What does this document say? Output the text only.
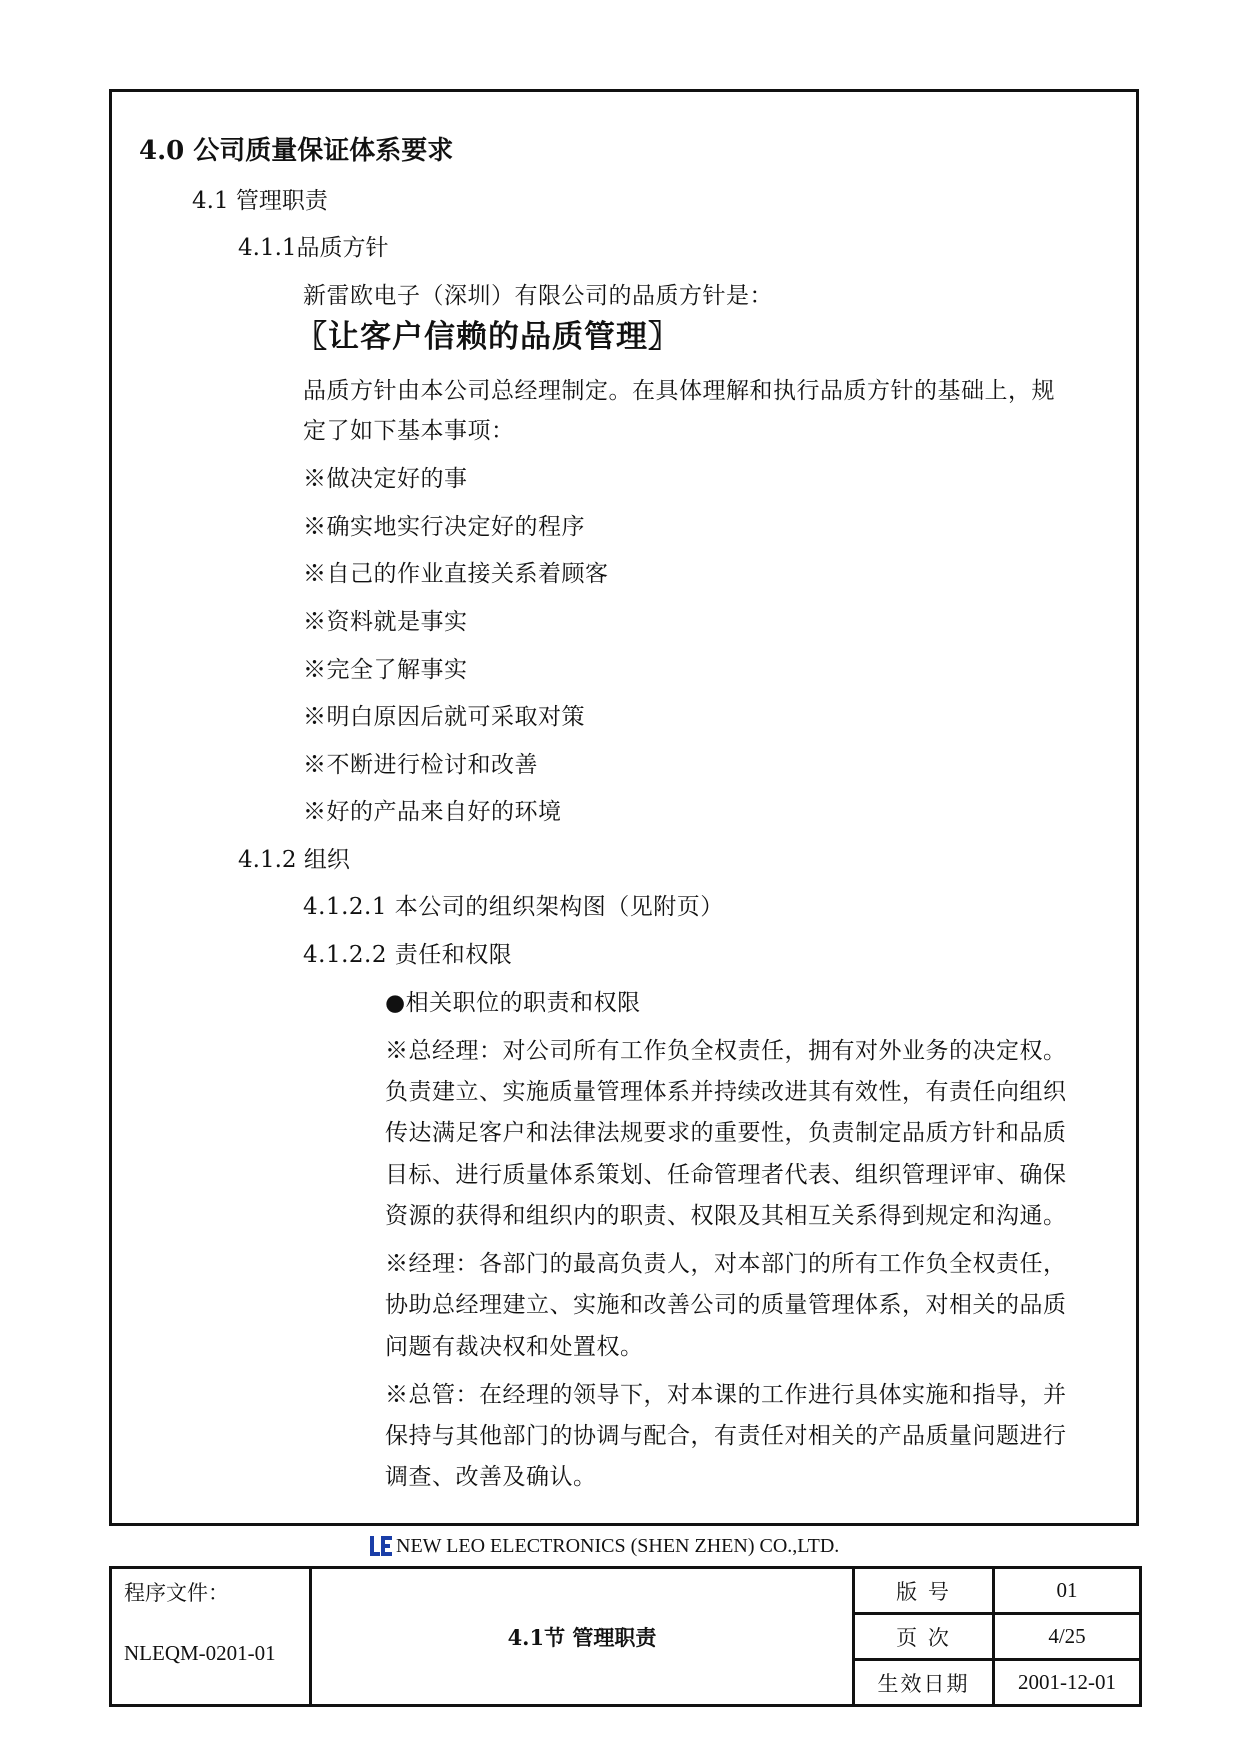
4.0 公司质量保证体系要求
4.1 管理职责
4.1.1品质方针
新雷欧电子（深圳）有限公司的品质方针是：
〖让客户信赖的品质管理〗
品质方针由本公司总经理制定。在具体理解和执行品质方针的基础上，规
定了如下基本事项：
※做决定好的事
※确实地实行决定好的程序
※自己的作业直接关系着顾客
※资料就是事实
※完全了解事实
※明白原因后就可采取对策
※不断进行检讨和改善
※好的产品来自好的环境
4.1.2 组织
4.1.2.1 本公司的组织架构图（见附页）
4.1.2.2 责任和权限
●相关职位的职责和权限
※总经理：对公司所有工作负全权责任，拥有对外业务的决定权。
负责建立、实施质量管理体系并持续改进其有效性，有责任向组织
传达满足客户和法律法规要求的重要性，负责制定品质方针和品质
目标、进行质量体系策划、任命管理者代表、组织管理评审、确保
资源的获得和组织内的职责、权限及其相互关系得到规定和沟通。
※经理：各部门的最高负责人，对本部门的所有工作负全权责任，
协助总经理建立、实施和改善公司的质量管理体系，对相关的品质
问题有裁决权和处置权。
※总管：在经理的领导下，对本课的工作进行具体实施和指导，并
保持与其他部门的协调与配合，有责任对相关的产品质量问题进行
调查、改善及确认。
NEW LEO ELECTRONICS (SHEN ZHEN) CO.,LTD.
程序文件：
NLEQM-0201-01	4.1节 管理职责	版 号	01
		页 次	4/25
		生效日期	2001-12-01
